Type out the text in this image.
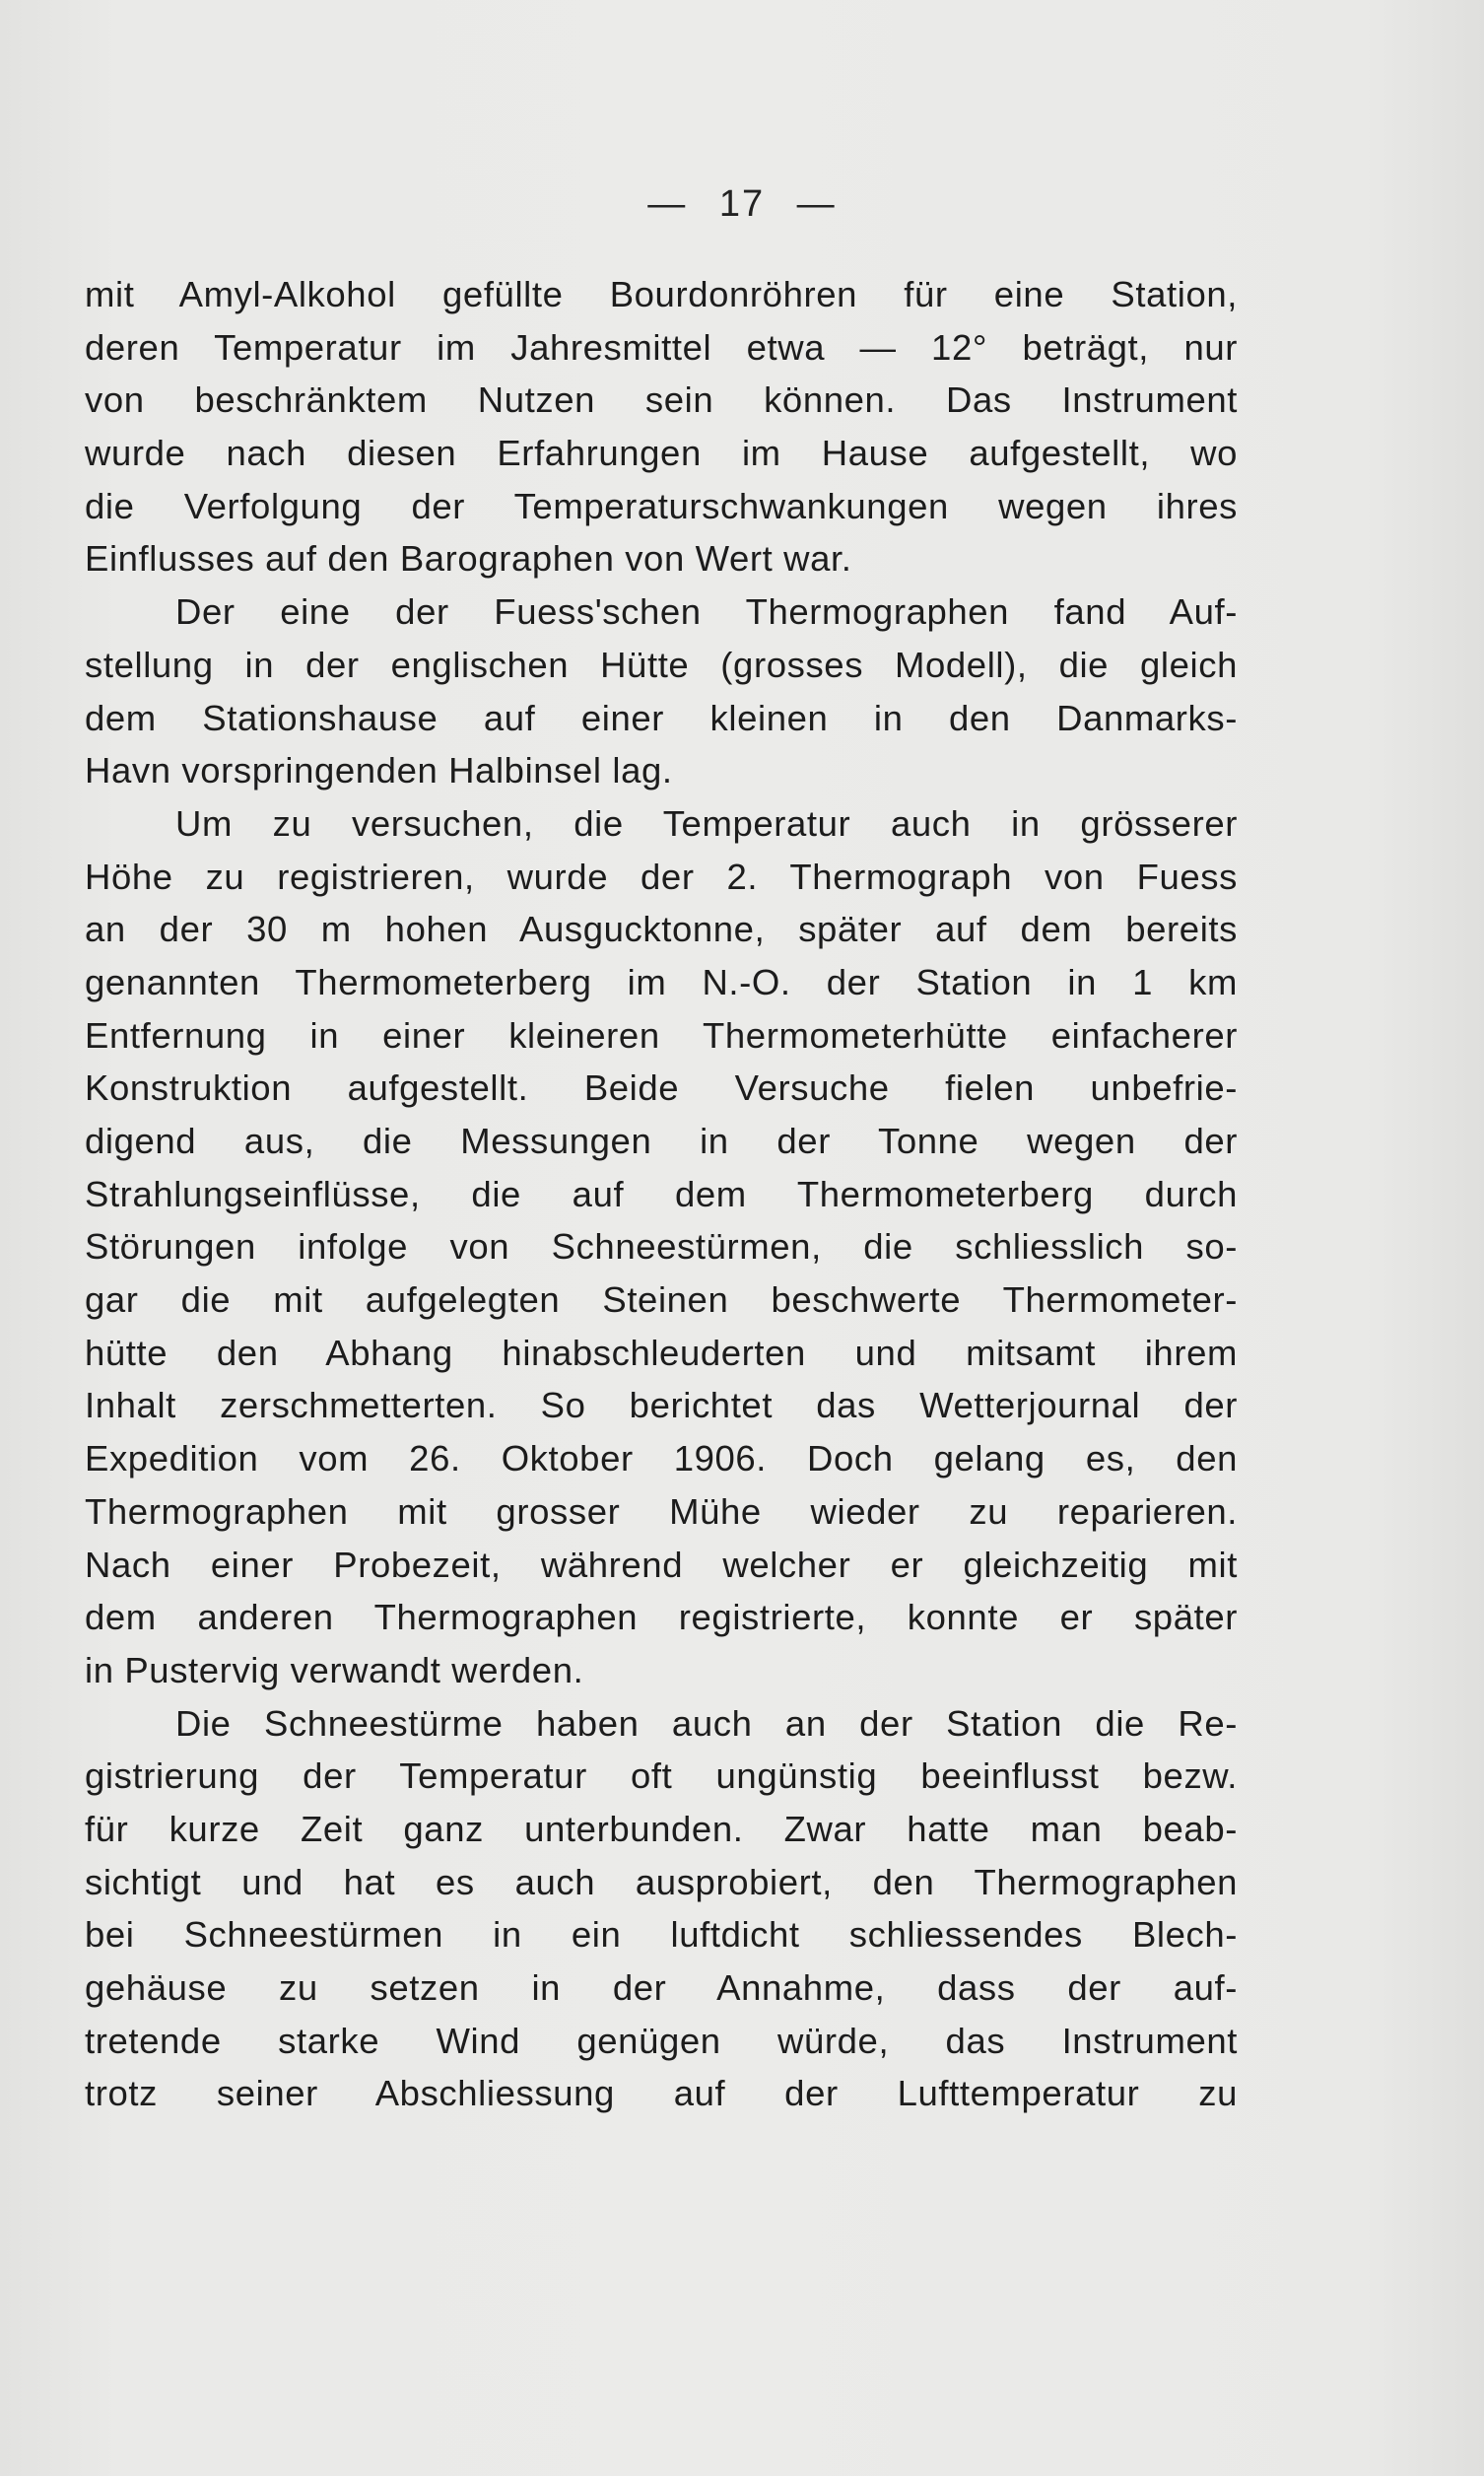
— 17 —
mit Amyl-Alkohol gefüllte Bourdonröhren für eine Station,
deren Temperatur im Jahresmittel etwa — 12° beträgt, nur
von beschränktem Nutzen sein können. Das Instrument
wurde nach diesen Erfahrungen im Hause aufgestellt, wo
die Verfolgung der Temperaturschwankungen wegen ihres
Einflusses auf den Barographen von Wert war.
Der eine der Fuess'schen Thermographen fand Auf-
stellung in der englischen Hütte (grosses Modell), die gleich
dem Stationshause auf einer kleinen in den Danmarks-
Havn vorspringenden Halbinsel lag.
Um zu versuchen, die Temperatur auch in grösserer
Höhe zu registrieren, wurde der 2. Thermograph von Fuess
an der 30 m hohen Ausgucktonne, später auf dem bereits
genannten Thermometerberg im N.-O. der Station in 1 km
Entfernung in einer kleineren Thermometerhütte einfacherer
Konstruktion aufgestellt. Beide Versuche fielen unbefrie-
digend aus, die Messungen in der Tonne wegen der
Strahlungseinflüsse, die auf dem Thermometerberg durch
Störungen infolge von Schneestürmen, die schliesslich so-
gar die mit aufgelegten Steinen beschwerte Thermometer-
hütte den Abhang hinabschleuderten und mitsamt ihrem
Inhalt zerschmetterten. So berichtet das Wetterjournal der
Expedition vom 26. Oktober 1906. Doch gelang es, den
Thermographen mit grosser Mühe wieder zu reparieren.
Nach einer Probezeit, während welcher er gleichzeitig mit
dem anderen Thermographen registrierte, konnte er später
in Pustervig verwandt werden.
Die Schneestürme haben auch an der Station die Re-
gistrierung der Temperatur oft ungünstig beeinflusst bezw.
für kurze Zeit ganz unterbunden. Zwar hatte man beab-
sichtigt und hat es auch ausprobiert, den Thermographen
bei Schneestürmen in ein luftdicht schliessendes Blech-
gehäuse zu setzen in der Annahme, dass der auf-
tretende starke Wind genügen würde, das Instrument
trotz seiner Abschliessung auf der Lufttemperatur zu
